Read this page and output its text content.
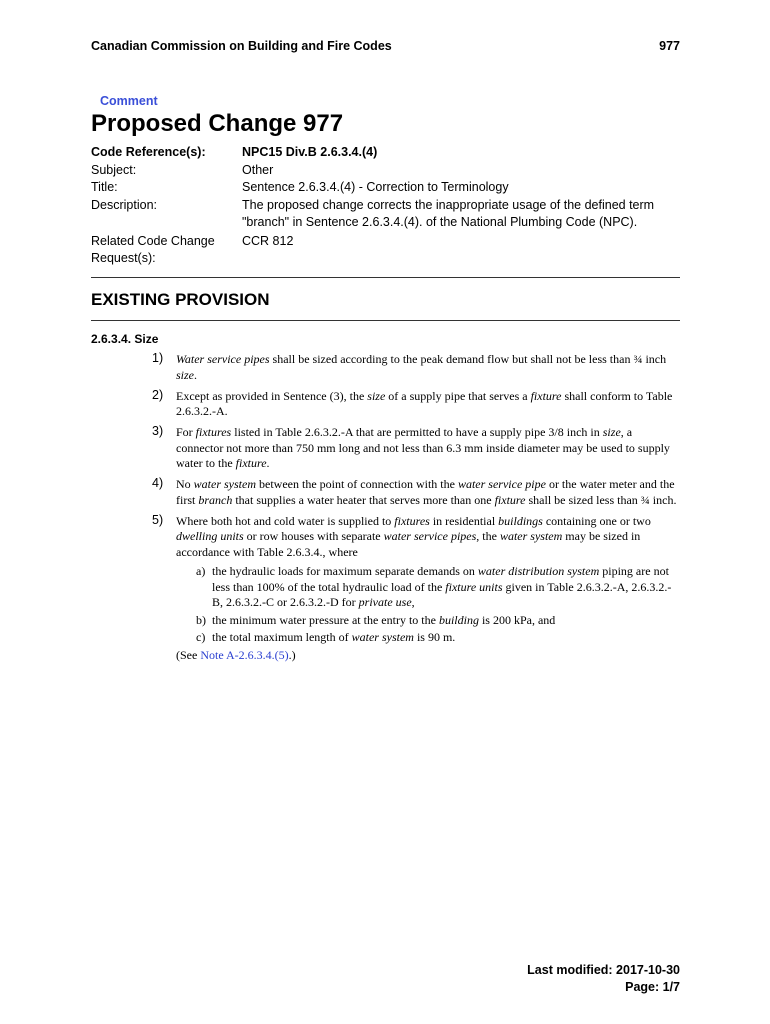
Canadian Commission on Building and Fire Codes	977
Comment
Proposed Change 977
Code Reference(s):	NPC15 Div.B 2.6.3.4.(4)
Subject:	Other
Title:	Sentence 2.6.3.4.(4) - Correction to Terminology
Description:	The proposed change corrects the inappropriate usage of the defined term "branch" in Sentence 2.6.3.4.(4). of the National Plumbing Code (NPC).
Related Code Change Request(s):
CCR 812
EXISTING PROVISION
2.6.3.4. Size
1) Water service pipes shall be sized according to the peak demand flow but shall not be less than ¾ inch size.
2) Except as provided in Sentence (3), the size of a supply pipe that serves a fixture shall conform to Table 2.6.3.2.-A.
3) For fixtures listed in Table 2.6.3.2.-A that are permitted to have a supply pipe 3/8 inch in size, a connector not more than 750 mm long and not less than 6.3 mm inside diameter may be used to supply water to the fixture.
4) No water system between the point of connection with the water service pipe or the water meter and the first branch that supplies a water heater that serves more than one fixture shall be sized less than ¾ inch.
5) Where both hot and cold water is supplied to fixtures in residential buildings containing one or two dwelling units or row houses with separate water service pipes, the water system may be sized in accordance with Table 2.6.3.4., where
a) the hydraulic loads for maximum separate demands on water distribution system piping are not less than 100% of the total hydraulic load of the fixture units given in Table 2.6.3.2.-A, 2.6.3.2.-B, 2.6.3.2.-C or 2.6.3.2.-D for private use,
b) the minimum water pressure at the entry to the building is 200 kPa, and
c) the total maximum length of water system is 90 m.
(See Note A-2.6.3.4.(5).)
Last modified: 2017-10-30
Page: 1/7
